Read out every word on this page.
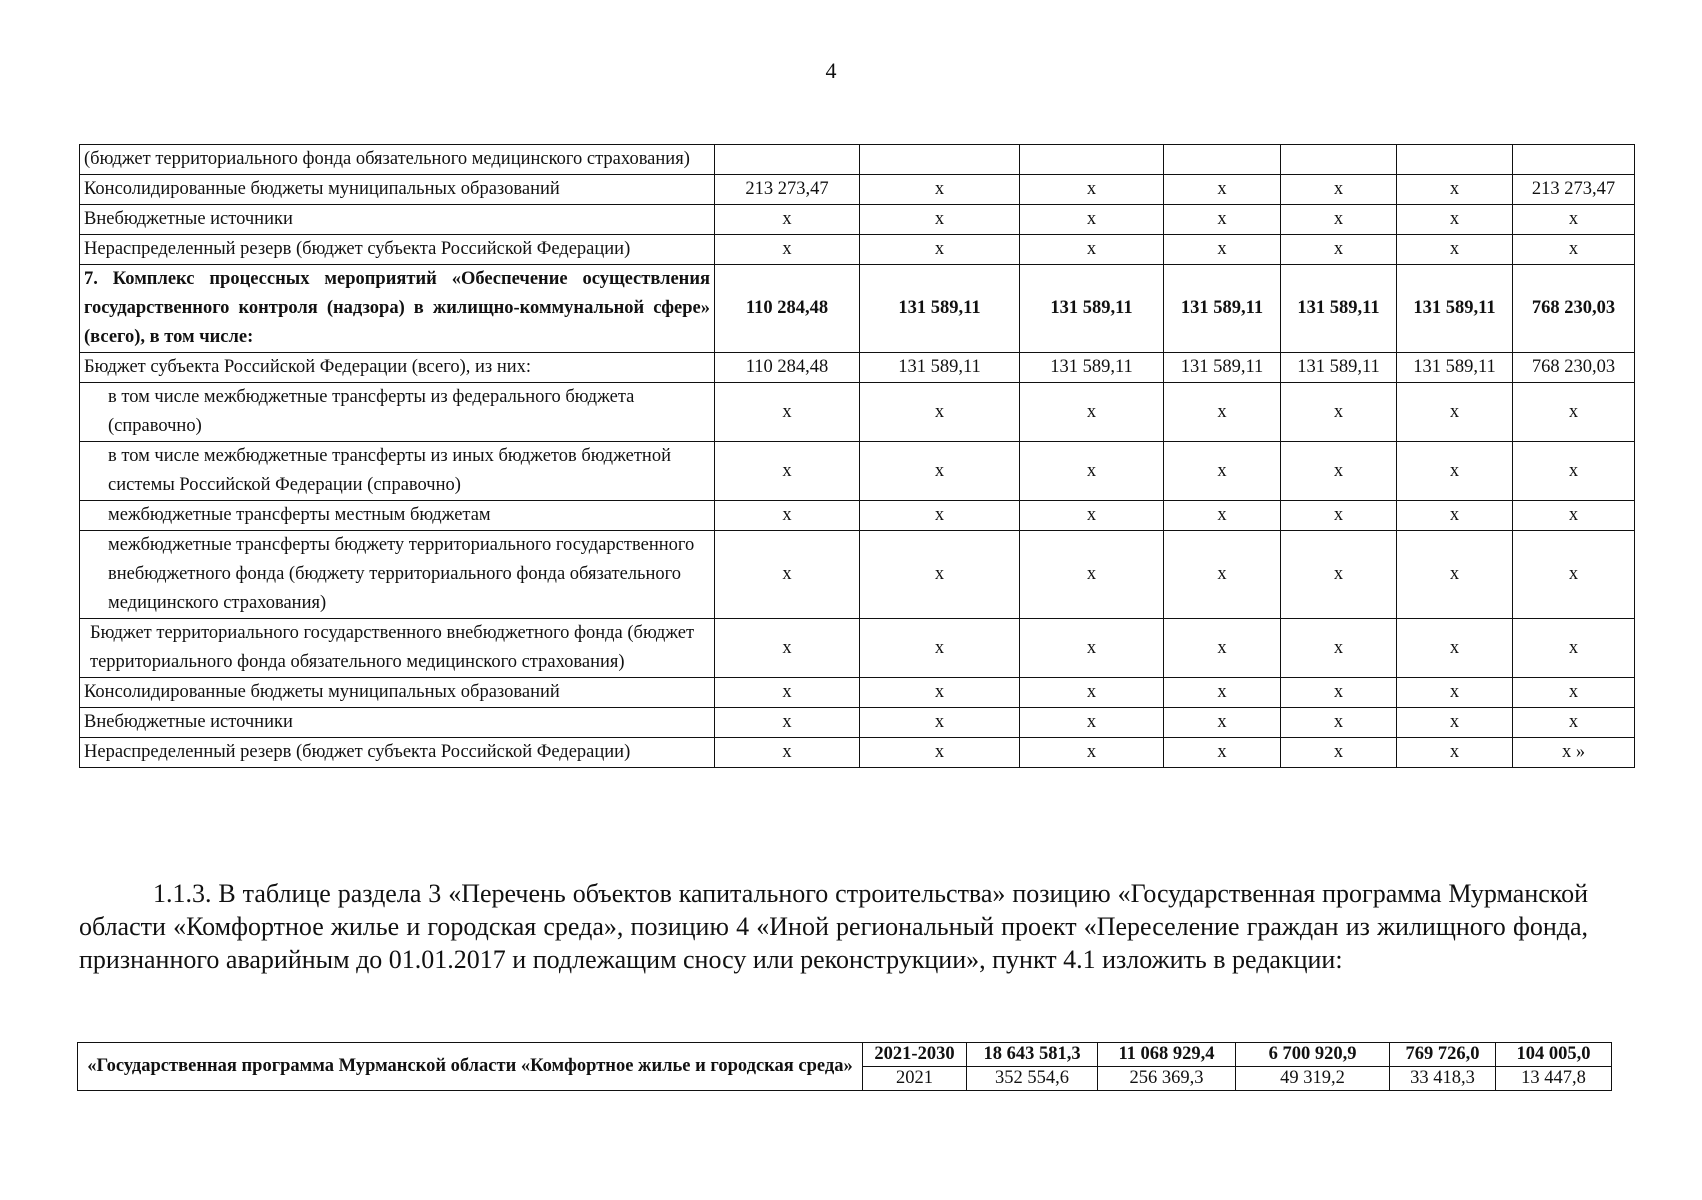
4
(бюджет территориального фонда обязательного медицинского страхования)							
Консолидированные бюджеты муниципальных образований	213 273,47	x	x	x	x	x	213 273,47
Внебюджетные источники	x	x	x	x	x	x	x
Нераспределенный резерв (бюджет субъекта Российской Федерации)	x	x	x	x	x	x	x
7. Комплекс процессных мероприятий «Обеспечение осуществления государственного контроля (надзора) в жилищно-коммунальной сфере» (всего), в том числе:	110 284,48	131 589,11	131 589,11	131 589,11	131 589,11	131 589,11	768 230,03
Бюджет субъекта Российской Федерации (всего), из них:	110 284,48	131 589,11	131 589,11	131 589,11	131 589,11	131 589,11	768 230,03
в том числе межбюджетные трансферты из федерального бюджета (справочно)	x	x	x	x	x	x	x
в том числе межбюджетные трансферты из иных бюджетов бюджетной системы Российской Федерации (справочно)	x	x	x	x	x	x	x
межбюджетные трансферты местным бюджетам	x	x	x	x	x	x	x
межбюджетные трансферты бюджету территориального государственного внебюджетного фонда (бюджету территориального фонда обязательного медицинского страхования)	x	x	x	x	x	x	x
Бюджет территориального государственного внебюджетного фонда (бюджет территориального фонда обязательного медицинского страхования)	x	x	x	x	x	x	x
Консолидированные бюджеты муниципальных образований	x	x	x	x	x	x	x
Внебюджетные источники	x	x	x	x	x	x	x
Нераспределенный резерв (бюджет субъекта Российской Федерации)	x	x	x	x	x	x	x »

1.1.3. В таблице раздела 3 «Перечень объектов капитального строительства» позицию «Государственная программа Мурманской области «Комфортное жилье и городская среда», позицию 4 «Иной региональный проект «Переселение граждан из жилищного фонда, признанного аварийным до 01.01.2017 и подлежащим сносу или реконструкции», пункт 4.1 изложить в редакции:

«Государственная программа Мурманской области «Комфортное жилье и городская среда»	2021-2030	18 643 581,3	11 068 929,4	6 700 920,9	769 726,0	104 005,0
	2021	352 554,6	256 369,3	49 319,2	33 418,3	13 447,8
